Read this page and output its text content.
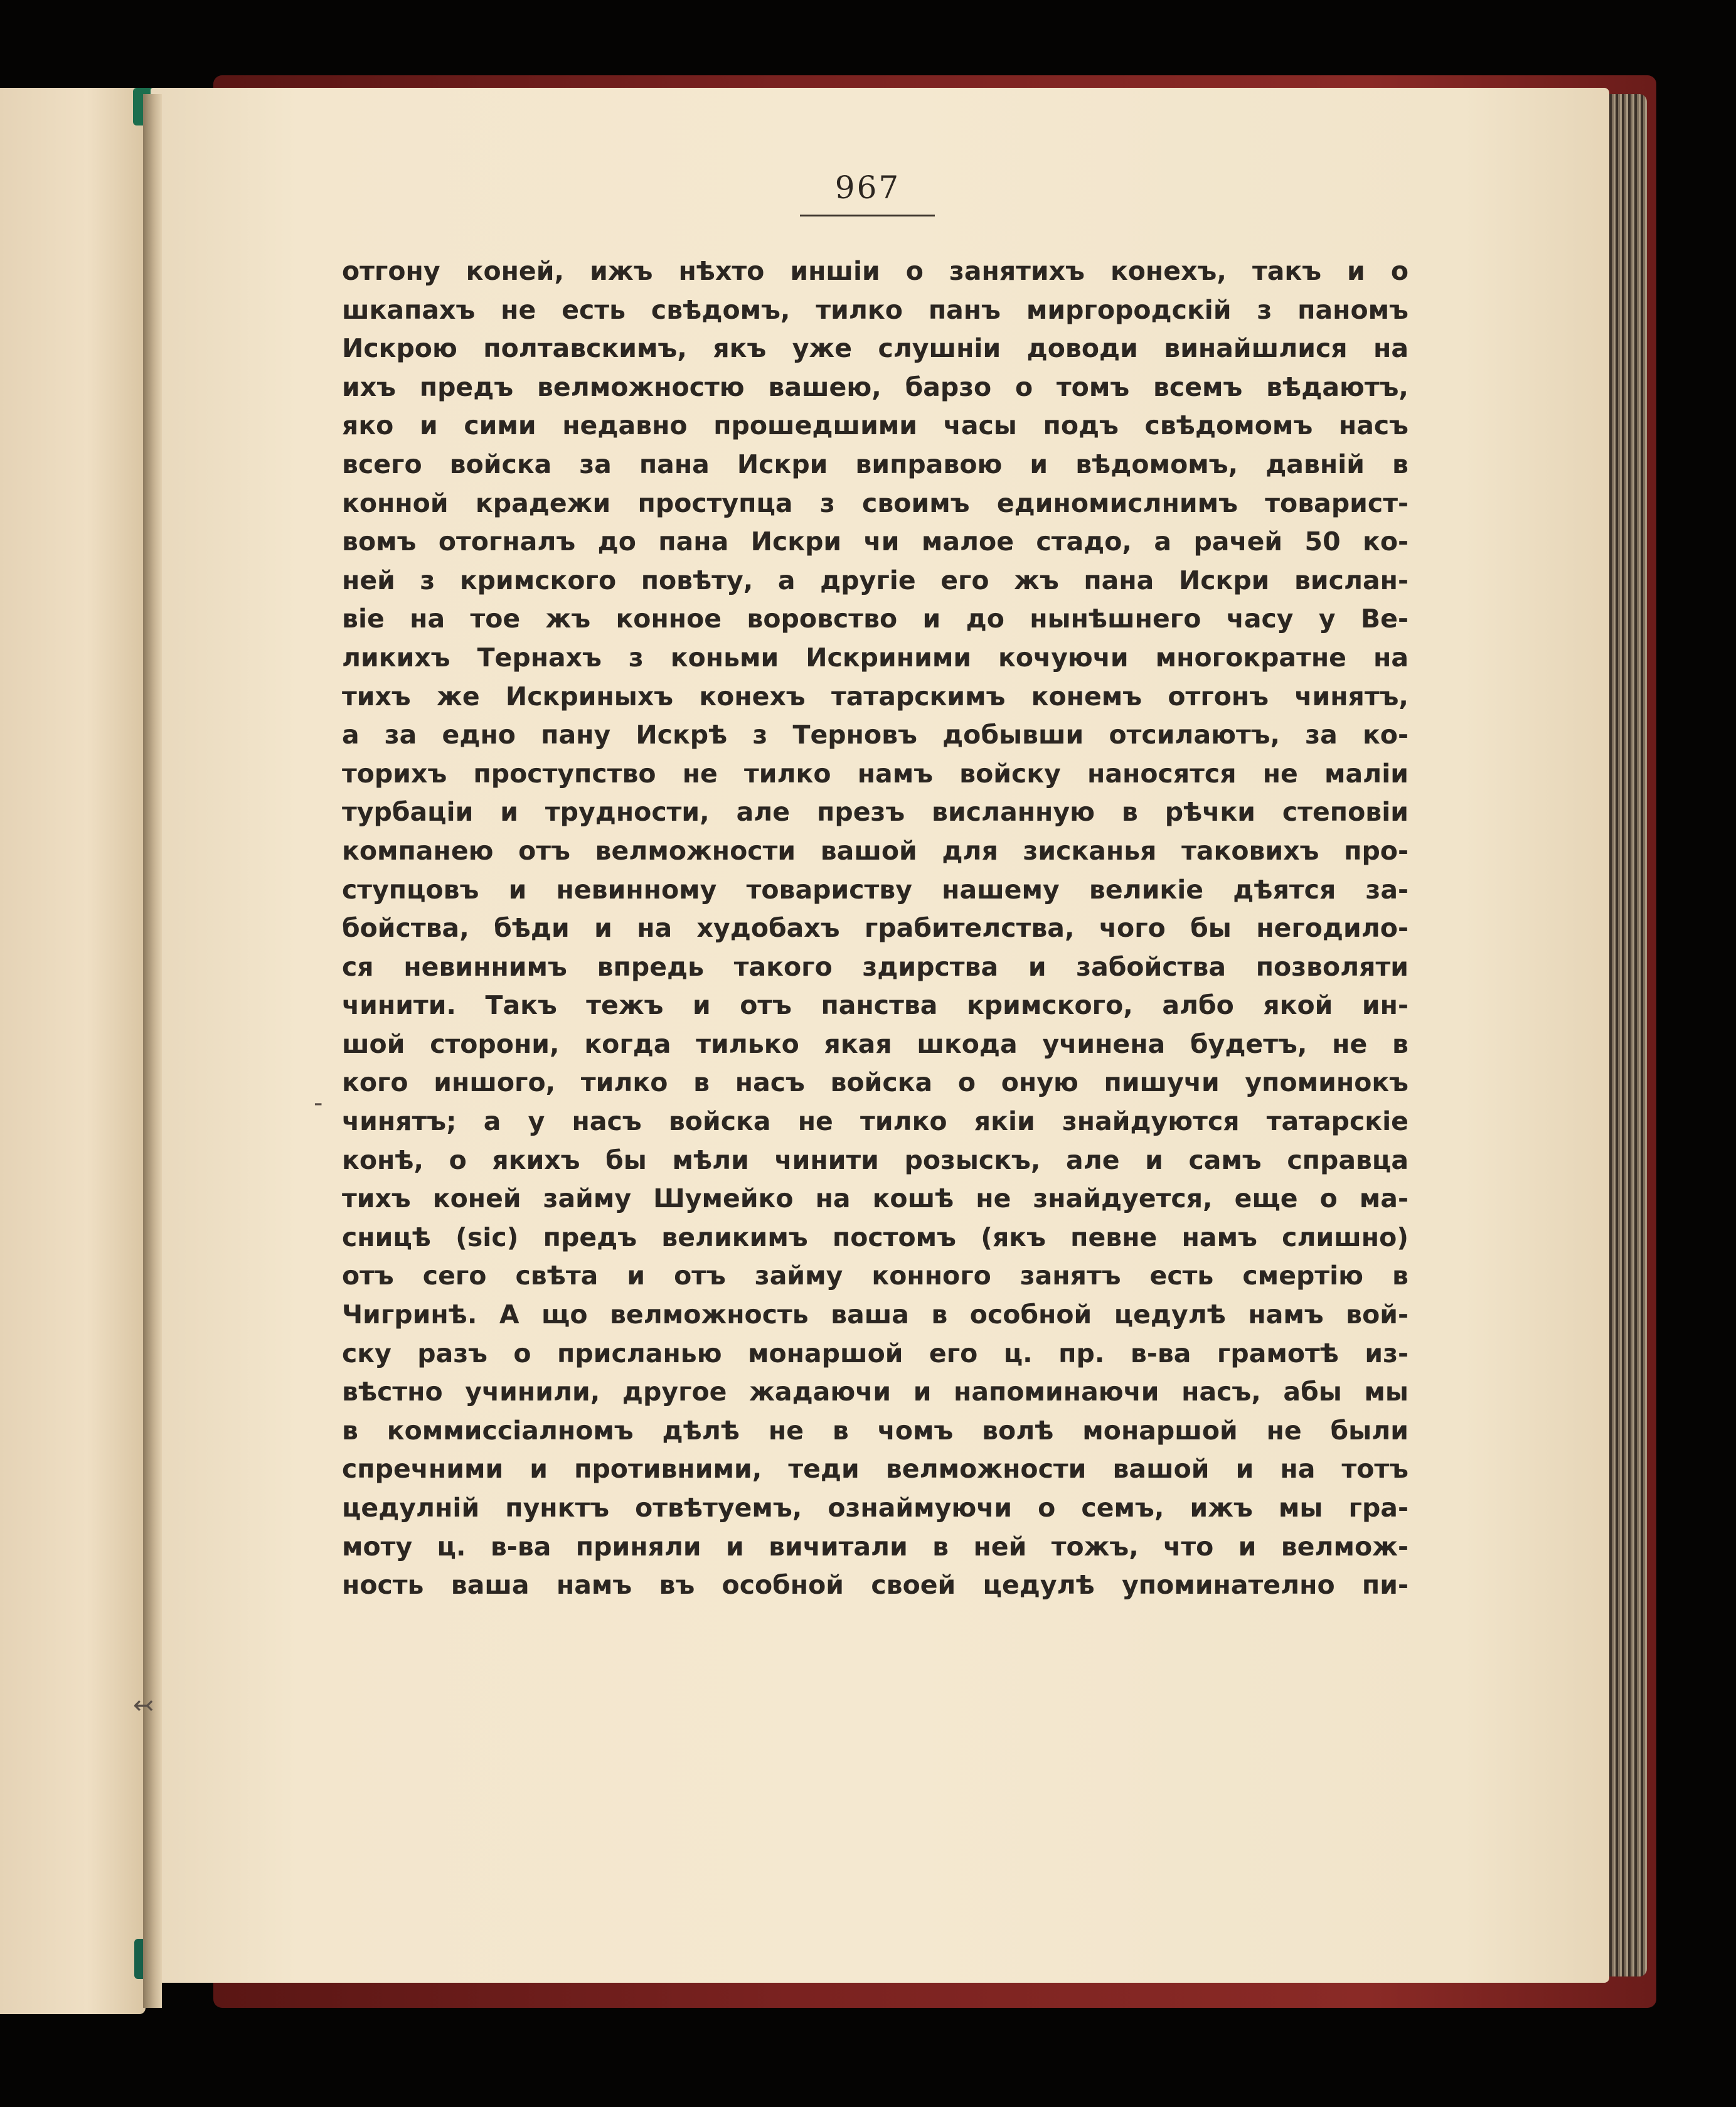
967
-
↢
отгону коней, ижъ нѣхто иншіи о занятихъ конехъ, такъ и о
шкапахъ не есть свѣдомъ, тилко панъ миргородскій з паномъ
Искрою полтавскимъ, якъ уже слушніи доводи винайшлися на
ихъ предъ велможностю вашею, барзо о томъ всемъ вѣдаютъ,
яко и сими недавно прошедшими часы подъ свѣдомомъ насъ
всего войска за пана Искри виправою и вѣдомомъ, давній в
конной крадежи проступца з своимъ единомислнимъ товарист-
вомъ отогналъ до пана Искри чи малое стадо, а рачей 50 ко-
ней з кримского повѣту, а другіе его жъ пана Искри вислан-
віе на тое жъ конное воровство и до нынѣшнего часу у Ве-
ликихъ Тернахъ з коньми Искриними кочуючи многократне на
тихъ же Искриныхъ конехъ татарскимъ конемъ отгонъ чинятъ,
а за едно пану Искрѣ з Терновъ добывши отсилаютъ, за ко-
торихъ проступство не тилко намъ войску наносятся не маліи
турбаціи и трудности, але презъ висланную в рѣчки степовіи
компанею отъ велможности вашой для зисканья таковихъ про-
ступцовъ и невинному товариству нашему великіе дѣятся за-
бойства, бѣди и на худобахъ грабителства, чого бы негодило-
ся невиннимъ впредь такого здирства и забойства позволяти
чинити. Такъ тежъ и отъ панства кримского, албо якой ин-
шой сторони, когда тилько якая шкода учинена будетъ, не в
кого иншого, тилко в насъ войска о оную пишучи упоминокъ
чинятъ; а у насъ войска не тилко якіи знайдуются татарскіе
конѣ, о якихъ бы мѣли чинити розыскъ, але и самъ справца
тихъ коней займу Шумейко на кошѣ не знайдуется, еще о ма-
сницѣ (sic) предъ великимъ постомъ (якъ певне намъ слишно)
отъ сего свѣта и отъ займу конного занятъ есть смертію в
Чигринѣ. А що велможность ваша в особной цедулѣ намъ вой-
ску разъ о присланью монаршой его ц. пр. в-ва грамотѣ из-
вѣстно учинили, другое жадаючи и напоминаючи насъ, абы мы
в коммиссіалномъ дѣлѣ не в чомъ волѣ монаршой не были
спречними и противними, теди велможности вашой и на тотъ
цедулній пунктъ отвѣтуемъ, ознаймуючи о семъ, ижъ мы гра-
моту ц. в-ва приняли и вичитали в ней тожъ, что и велмож-
ность ваша намъ въ особной своей цедулѣ упоминателно пи-
